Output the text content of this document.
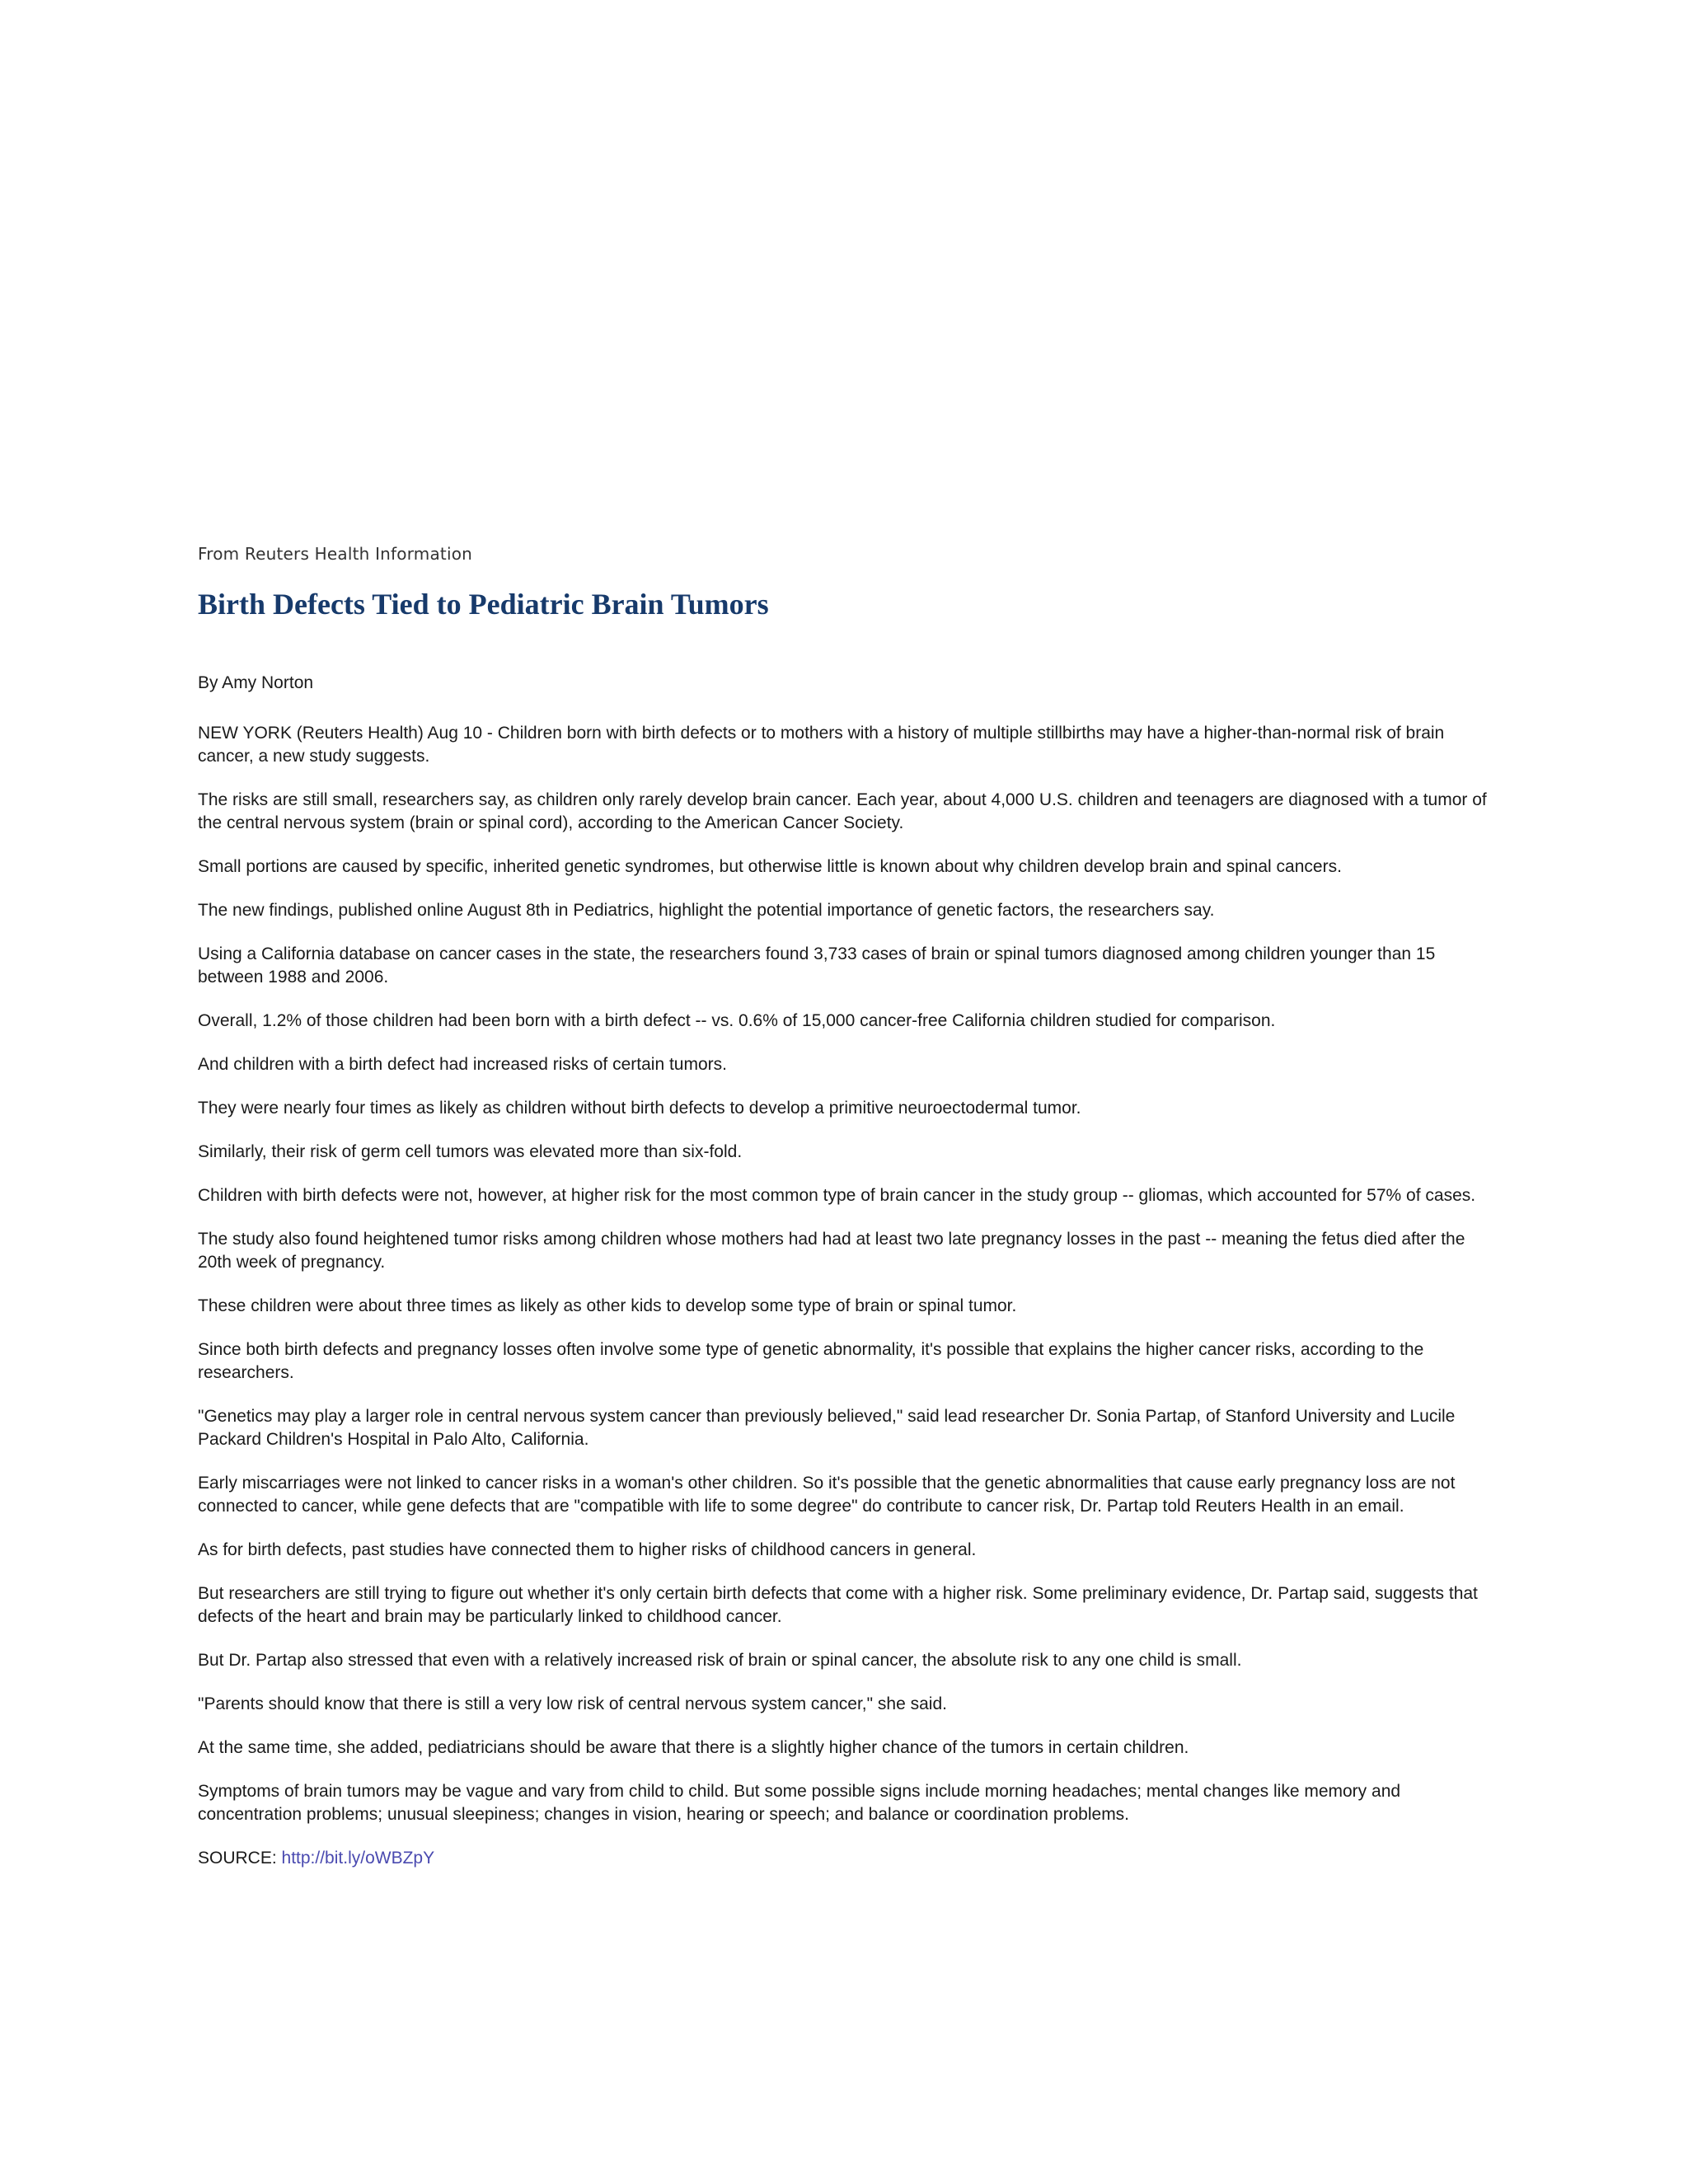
From Reuters Health Information
Birth Defects Tied to Pediatric Brain Tumors

By Amy Norton

NEW YORK (Reuters Health) Aug 10 - Children born with birth defects or to mothers with a history of multiple stillbirths may have a higher-than-normal risk of brain cancer, a new study suggests.

The risks are still small, researchers say, as children only rarely develop brain cancer. Each year, about 4,000 U.S. children and teenagers are diagnosed with a tumor of the central nervous system (brain or spinal cord), according to the American Cancer Society.

Small portions are caused by specific, inherited genetic syndromes, but otherwise little is known about why children develop brain and spinal cancers.

The new findings, published online August 8th in Pediatrics, highlight the potential importance of genetic factors, the researchers say.

Using a California database on cancer cases in the state, the researchers found 3,733 cases of brain or spinal tumors diagnosed among children younger than 15 between 1988 and 2006.

Overall, 1.2% of those children had been born with a birth defect -- vs. 0.6% of 15,000 cancer-free California children studied for comparison.

And children with a birth defect had increased risks of certain tumors.

They were nearly four times as likely as children without birth defects to develop a primitive neuroectodermal tumor.

Similarly, their risk of germ cell tumors was elevated more than six-fold.

Children with birth defects were not, however, at higher risk for the most common type of brain cancer in the study group -- gliomas, which accounted for 57% of cases.

The study also found heightened tumor risks among children whose mothers had had at least two late pregnancy losses in the past -- meaning the fetus died after the 20th week of pregnancy.

These children were about three times as likely as other kids to develop some type of brain or spinal tumor.

Since both birth defects and pregnancy losses often involve some type of genetic abnormality, it's possible that explains the higher cancer risks, according to the researchers.

"Genetics may play a larger role in central nervous system cancer than previously believed," said lead researcher Dr. Sonia Partap, of Stanford University and Lucile Packard Children's Hospital in Palo Alto, California.

Early miscarriages were not linked to cancer risks in a woman's other children. So it's possible that the genetic abnormalities that cause early pregnancy loss are not connected to cancer, while gene defects that are "compatible with life to some degree" do contribute to cancer risk, Dr. Partap told Reuters Health in an email.

As for birth defects, past studies have connected them to higher risks of childhood cancers in general.

But researchers are still trying to figure out whether it's only certain birth defects that come with a higher risk. Some preliminary evidence, Dr. Partap said, suggests that defects of the heart and brain may be particularly linked to childhood cancer.

But Dr. Partap also stressed that even with a relatively increased risk of brain or spinal cancer, the absolute risk to any one child is small.

"Parents should know that there is still a very low risk of central nervous system cancer," she said.

At the same time, she added, pediatricians should be aware that there is a slightly higher chance of the tumors in certain children.

Symptoms of brain tumors may be vague and vary from child to child. But some possible signs include morning headaches; mental changes like memory and concentration problems; unusual sleepiness; changes in vision, hearing or speech; and balance or coordination problems.

SOURCE: http://bit.ly/oWBZpY
